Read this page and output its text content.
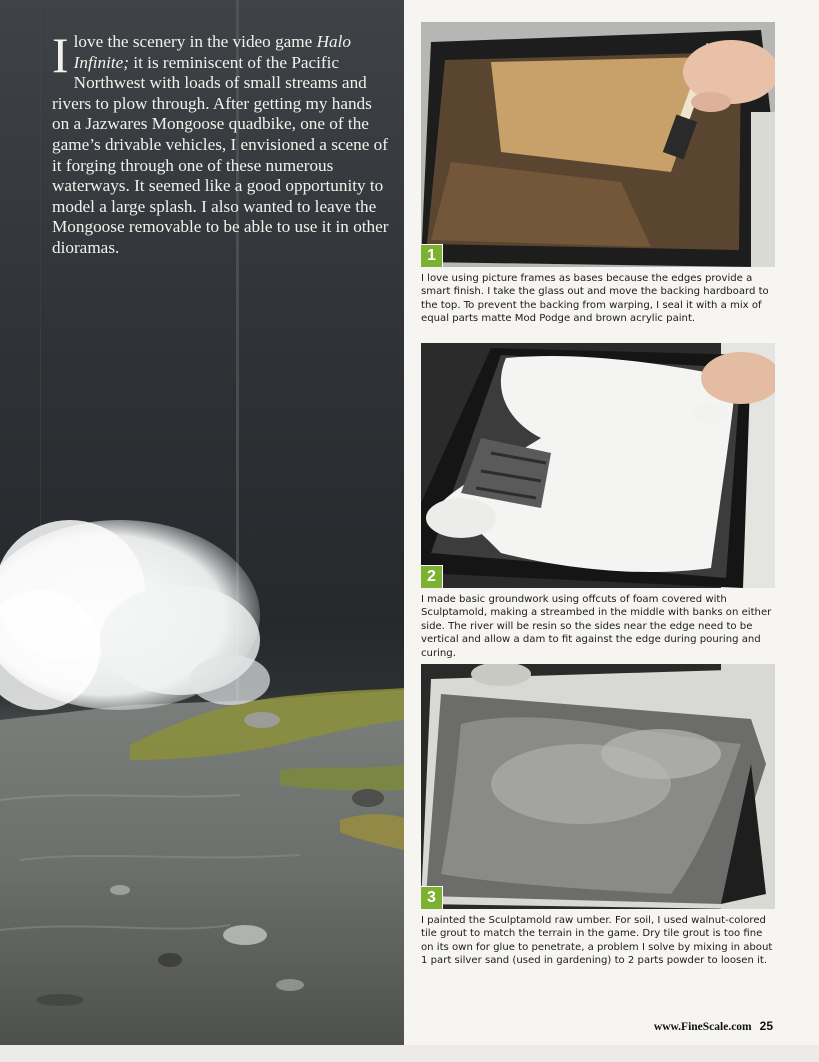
Ilove the scenery in the video game Halo Infinite; it is reminiscent of the Pacific Northwest with loads of small streams and rivers to plow through. After getting my hands on a Jazwares Mongoose quadbike, one of the game’s drivable vehicles, I envisioned a scene of it forging through one of these numerous waterways. It seemed like a good opportunity to model a large splash. I also wanted to leave the Mongoose removable to be able to use it in other dioramas.	1

I love using picture frames as bases because the edges provide a smart finish. I take the glass out and move the backing hardboard to the top. To prevent the backing from warping, I seal it with a mix of equal parts matte Mod Podge and brown acrylic paint.

2

I made basic groundwork using offcuts of foam covered with Sculptamold, making a streambed in the middle with banks on either side. The river will be resin so the sides near the edge need to be vertical and allow a dam to fit against the edge during pouring and curing.

3

I painted the Sculptamold raw umber. For soil, I used walnut-colored tile grout to match the terrain in the game. Dry tile grout is too fine on its own for glue to penetrate, a problem I solve by mixing in about 1 part silver sand (used in gardening) to 2 parts powder to loosen it.

www.FineScale.com 25
